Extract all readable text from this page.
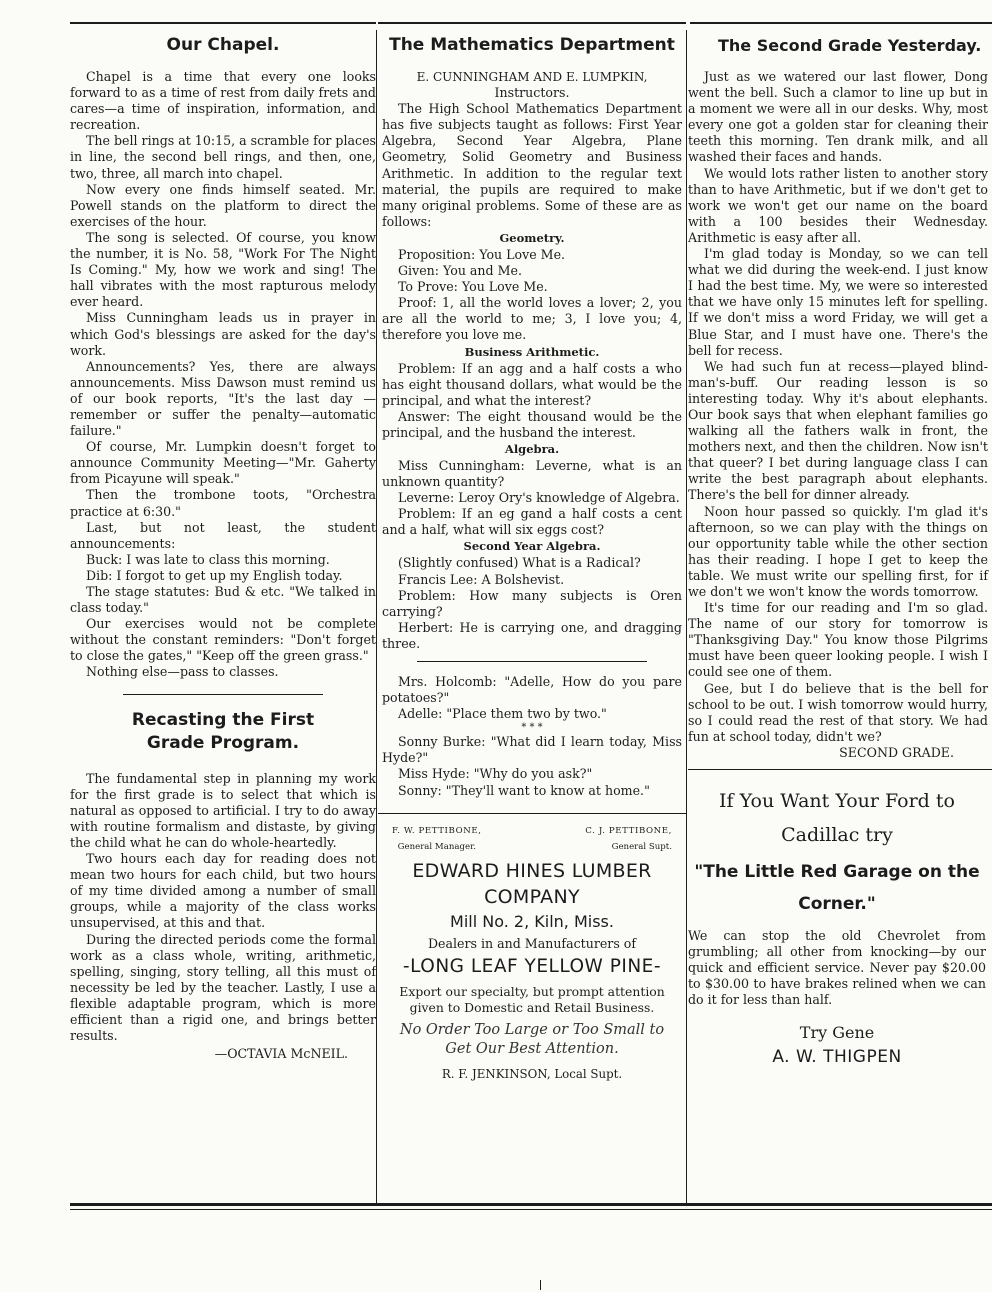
Our Chapel.

Chapel is a time that every one looks forward to as a time of rest from daily frets and cares—a time of inspiration, information, and recreation.

The bell rings at 10:15, a scramble for places in line, the second bell rings, and then, one, two, three, all march into chapel.

Now every one finds himself seated. Mr. Powell stands on the platform to direct the exercises of the hour.

The song is selected. Of course, you know the number, it is No. 58, "Work For The Night Is Coming." My, how we work and sing! The hall vibrates with the most rapturous melody ever heard.

Miss Cunningham leads us in prayer in which God's blessings are asked for the day's work.

Announcements? Yes, there are always announcements. Miss Dawson must remind us of our book reports, "It's the last day —remember or suffer the penalty—automatic failure."

Of course, Mr. Lumpkin doesn't forget to announce Community Meeting—"Mr. Gaherty from Picayune will speak."

Then the trombone toots, "Orchestra practice at 6:30."

Last, but not least, the student announcements:

Buck: I was late to class this morning.

Dib: I forgot to get up my English today.

The stage statutes: Bud & etc. "We talked in class today."

Our exercises would not be complete without the constant reminders: "Don't forget to close the gates," "Keep off the green grass."

Nothing else—pass to classes.

Recasting the First Grade Program.

The fundamental step in planning my work for the first grade is to select that which is natural as opposed to artificial. I try to do away with routine formalism and distaste, by giving the child what he can do whole-heartedly.

Two hours each day for reading does not mean two hours for each child, but two hours of my time divided among a number of small groups, while a majority of the class works unsupervised, at this and that.

During the directed periods come the formal work as a class whole, writing, arithmetic, spelling, singing, story telling, all this must of necessity be led by the teacher. Lastly, I use a flexible adaptable program, which is more efficient than a rigid one, and brings better results.

—OCTAVIA McNEIL.

The Mathematics Department

E. CUNNINGHAM AND E. LUMPKIN,

Instructors.

The High School Mathematics Department has five subjects taught as follows: First Year Algebra, Second Year Algebra, Plane Geometry, Solid Geometry and Business Arithmetic. In addition to the regular text material, the pupils are required to make many original problems. Some of these are as follows:

Geometry.

Proposition: You Love Me.

Given: You and Me.

To Prove: You Love Me.

Proof: 1, all the world loves a lover; 2, you are all the world to me; 3, I love you; 4, therefore you love me.

Business Arithmetic.

Problem: If an agg and a half costs a who has eight thousand dollars, what would be the principal, and what the interest?

Answer: The eight thousand would be the principal, and the husband the interest.

Algebra.

Miss Cunningham: Leverne, what is an unknown quantity?

Leverne: Leroy Ory's knowledge of Algebra.

Problem: If an eg gand a half costs a cent and a half, what will six eggs cost?

Second Year Algebra.

(Slightly confused) What is a Radical?

Francis Lee: A Bolshevist.

Problem: How many subjects is Oren carrying?

Herbert: He is carrying one, and dragging three.

Mrs. Holcomb: "Adelle, How do you pare potatoes?"

Adelle: "Place them two by two."

* * *

Sonny Burke: "What did I learn today, Miss Hyde?"

Miss Hyde: "Why do you ask?"

Sonny: "They'll want to know at home."

F. W. PETTIBONE,
General Manager.
C. J. PETTIBONE,
General Supt.
EDWARD HINES LUMBER
COMPANY
Mill No. 2, Kiln, Miss.
Dealers in and Manufacturers of
-LONG LEAF YELLOW PINE-
Export our specialty, but prompt attention given to Domestic and Retail Business.
No Order Too Large or Too Small to Get Our Best Attention.
R. F. JENKINSON, Local Supt.
The Second Grade Yesterday.

Just as we watered our last flower, Dong went the bell. Such a clamor to line up but in a moment we were all in our desks. Why, most every one got a golden star for cleaning their teeth this morning. Ten drank milk, and all washed their faces and hands.

We would lots rather listen to another story than to have Arithmetic, but if we don't get to work we won't get our name on the board with a 100 besides their Wednesday. Arithmetic is easy after all.

I'm glad today is Monday, so we can tell what we did during the week-end. I just know I had the best time. My, we were so interested that we have only 15 minutes left for spelling. If we don't miss a word Friday, we will get a Blue Star, and I must have one. There's the bell for recess.

We had such fun at recess—played blind-man's-buff. Our reading lesson is so interesting today. Why it's about elephants. Our book says that when elephant families go walking all the fathers walk in front, the mothers next, and then the children. Now isn't that queer? I bet during language class I can write the best paragraph about elephants. There's the bell for dinner already.

Noon hour passed so quickly. I'm glad it's afternoon, so we can play with the things on our opportunity table while the other section has their reading. I hope I get to keep the table. We must write our spelling first, for if we don't we won't know the words tomorrow.

It's time for our reading and I'm so glad. The name of our story for tomorrow is "Thanksgiving Day." You know those Pilgrims must have been queer looking people. I wish I could see one of them.

Gee, but I do believe that is the bell for school to be out. I wish tomorrow would hurry, so I could read the rest of that story. We had fun at school today, didn't we?

SECOND GRADE.

If You Want Your Ford to
Cadillac try
"The Little Red Garage on the
Corner."

We can stop the old Chevrolet from grumbling; all other from knocking—by our quick and efficient service. Never pay $20.00 to $30.00 to have brakes relined when we can do it for less than half.

Try Gene
A. W. THIGPEN
